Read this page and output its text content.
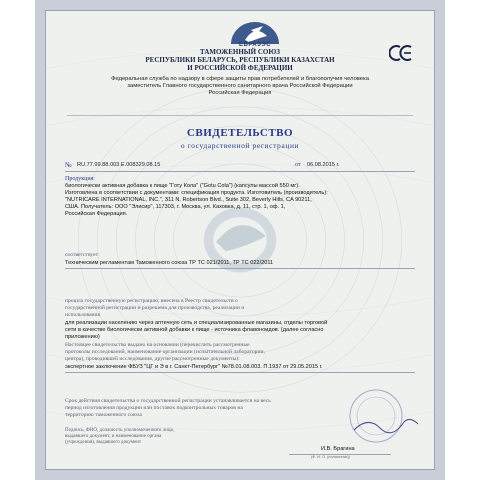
ЕВРАЗЭС
ТАМОЖЕННЫЙ СОЮЗ
РЕСПУБЛИКИ БЕЛАРУСЬ, РЕСПУБЛИКИ КАЗАХСТАН
И РОССИЙСКОЙ ФЕДЕРАЦИИ
Федеральная служба по надзору в сфере защиты прав потребителей и благополучия человека
заместитель Главного государственного санитарного врача Российской Федерации
Российская Федерация
СВИДЕТЕЛЬСТВО
о государственной регистрации
№ RU.77.99.88.003.E.008329.08.15	от 06.08.2015 г.
Продукция:
биологически активная добавка к пище "Готу Кола" ("Gotu Cola") (капсулы массой 550 мг).
Изготовлена в соответствии с документами: спецификация продукта. Изготовитель (производитель):
"NUTRICARE INTERNATIONAL, INC.", 311 N. Robertson Blvd., Suite 302, Beverly Hills, CA 90211,
США. Получатель: ООО "Элисир", 117303, г. Москва, ул. Каховка, д. 11, стр. 1, оф. 1,
Российская Федерация.
соответствует
Техническим регламентам Таможенного союза ТР ТС 021/2011, ТР ТС 022/2011
прошла государственную регистрацию, внесена в Реестр свидетельств о
государственной регистрации и разрешена для производства, реализации и
использования
для реализации населению через аптечную сеть и специализированные магазины, отделы торговой
сети в качестве биологически активной добавки к пище - источника флавоноидов. (далее согласно
приложению)
Настоящее свидетельство выдано на основании (перечислить рассмотренные
протоколы исследований, наименование организации (испытательной лаборатории,
центра), проводившей исследования, другие рассмотренные документы):
экспертное заключение ФБУЗ "ЦГ и Э в г. Санкт-Петербург" №78.01.08.003. П.1937 от 29.05.2015 г.
Срок действия свидетельства о государственной регистрации устанавливается на весь
период изготовления продукции или поставок подконтрольных товаров на
территорию таможенного союза
Подпись, ФИО, должность уполномоченного лица,
выдавшего документ, и наименование органа
(учреждения), выдавшего документ
И.В. Брагина
(Ф. И. О. (полностью))
№0322543	М. П.
